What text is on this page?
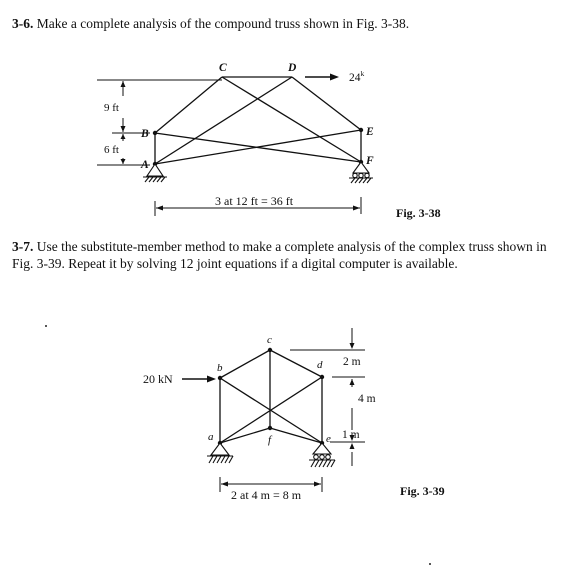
3-6. Make a complete analysis of the compound truss shown in Fig. 3-38.
C	D
B
A
E
F
24$^k$
9 ft
6 ft
3 at 12 ft = 36 ft
Fig. 3-38
3-7. Use the substitute-member method to make a complete analysis of the complex truss shown in Fig. 3-39. Repeat it by solving 12 joint equations if a digital computer is available.
c
b	d
a	f	e
20 kN
2 m
4 m
1 m
2 at 4 m = 8 m	Fig. 3-39
